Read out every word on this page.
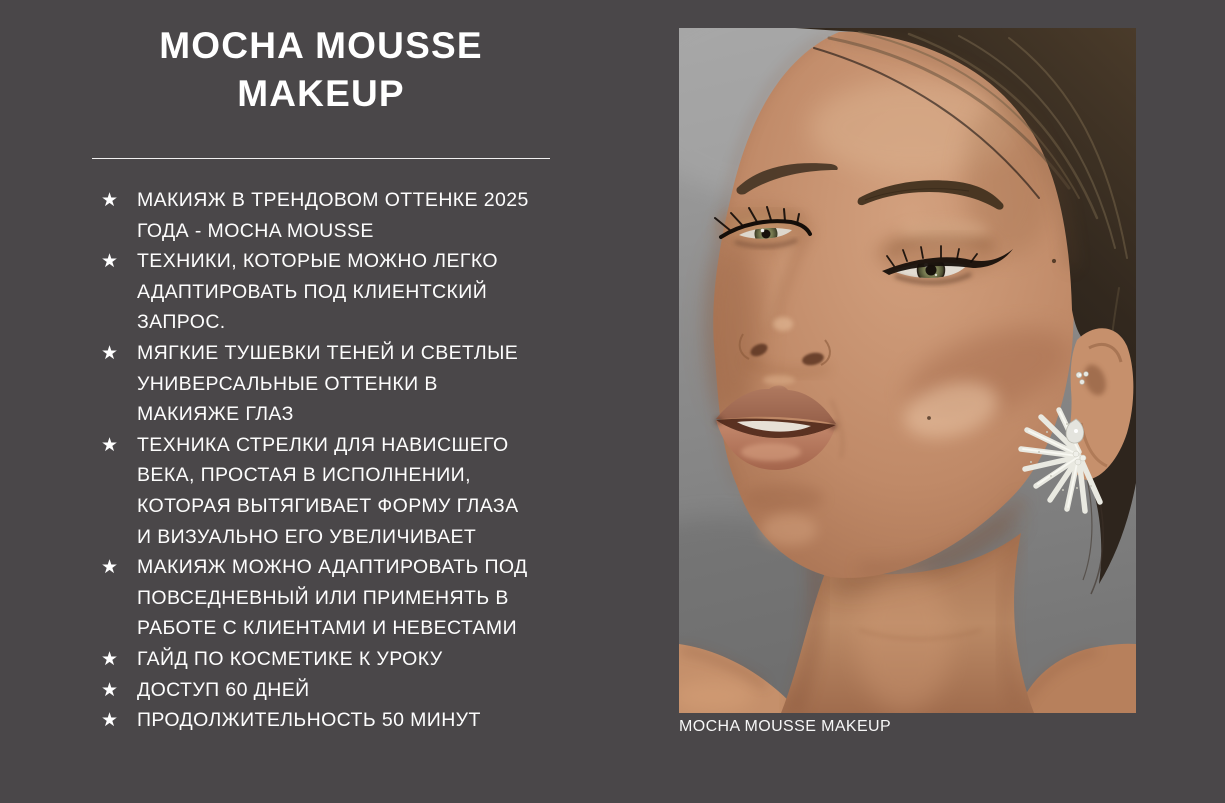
MOCHA MOUSSE MAKEUP
★ МАКИЯЖ В ТРЕНДОВОМ ОТТЕНКЕ 2025 ГОДА - MOCHA MOUSSE
★ ТЕХНИКИ, КОТОРЫЕ МОЖНО ЛЕГКО АДАПТИРОВАТЬ ПОД КЛИЕНТСКИЙ ЗАПРОС.
★ МЯГКИЕ ТУШЕВКИ ТЕНЕЙ И СВЕТЛЫЕ УНИВЕРСАЛЬНЫЕ ОТТЕНКИ В МАКИЯЖЕ ГЛАЗ
★ ТЕХНИКА СТРЕЛКИ ДЛЯ НАВИСШЕГО ВЕКА, ПРОСТАЯ В ИСПОЛНЕНИИ, КОТОРАЯ ВЫТЯГИВАЕТ ФОРМУ ГЛАЗА И ВИЗУАЛЬНО ЕГО УВЕЛИЧИВАЕТ
★ МАКИЯЖ МОЖНО АДАПТИРОВАТЬ ПОД ПОВСЕДНЕВНЫЙ ИЛИ ПРИМЕНЯТЬ В РАБОТЕ С КЛИЕНТАМИ И НЕВЕСТАМИ
★ ГАЙД ПО КОСМЕТИКЕ К УРОКУ
★ ДОСТУП 60 ДНЕЙ
★ ПРОДОЛЖИТЕЛЬНОСТЬ 50 МИНУТ	MOCHA MOUSSE MAKEUP
